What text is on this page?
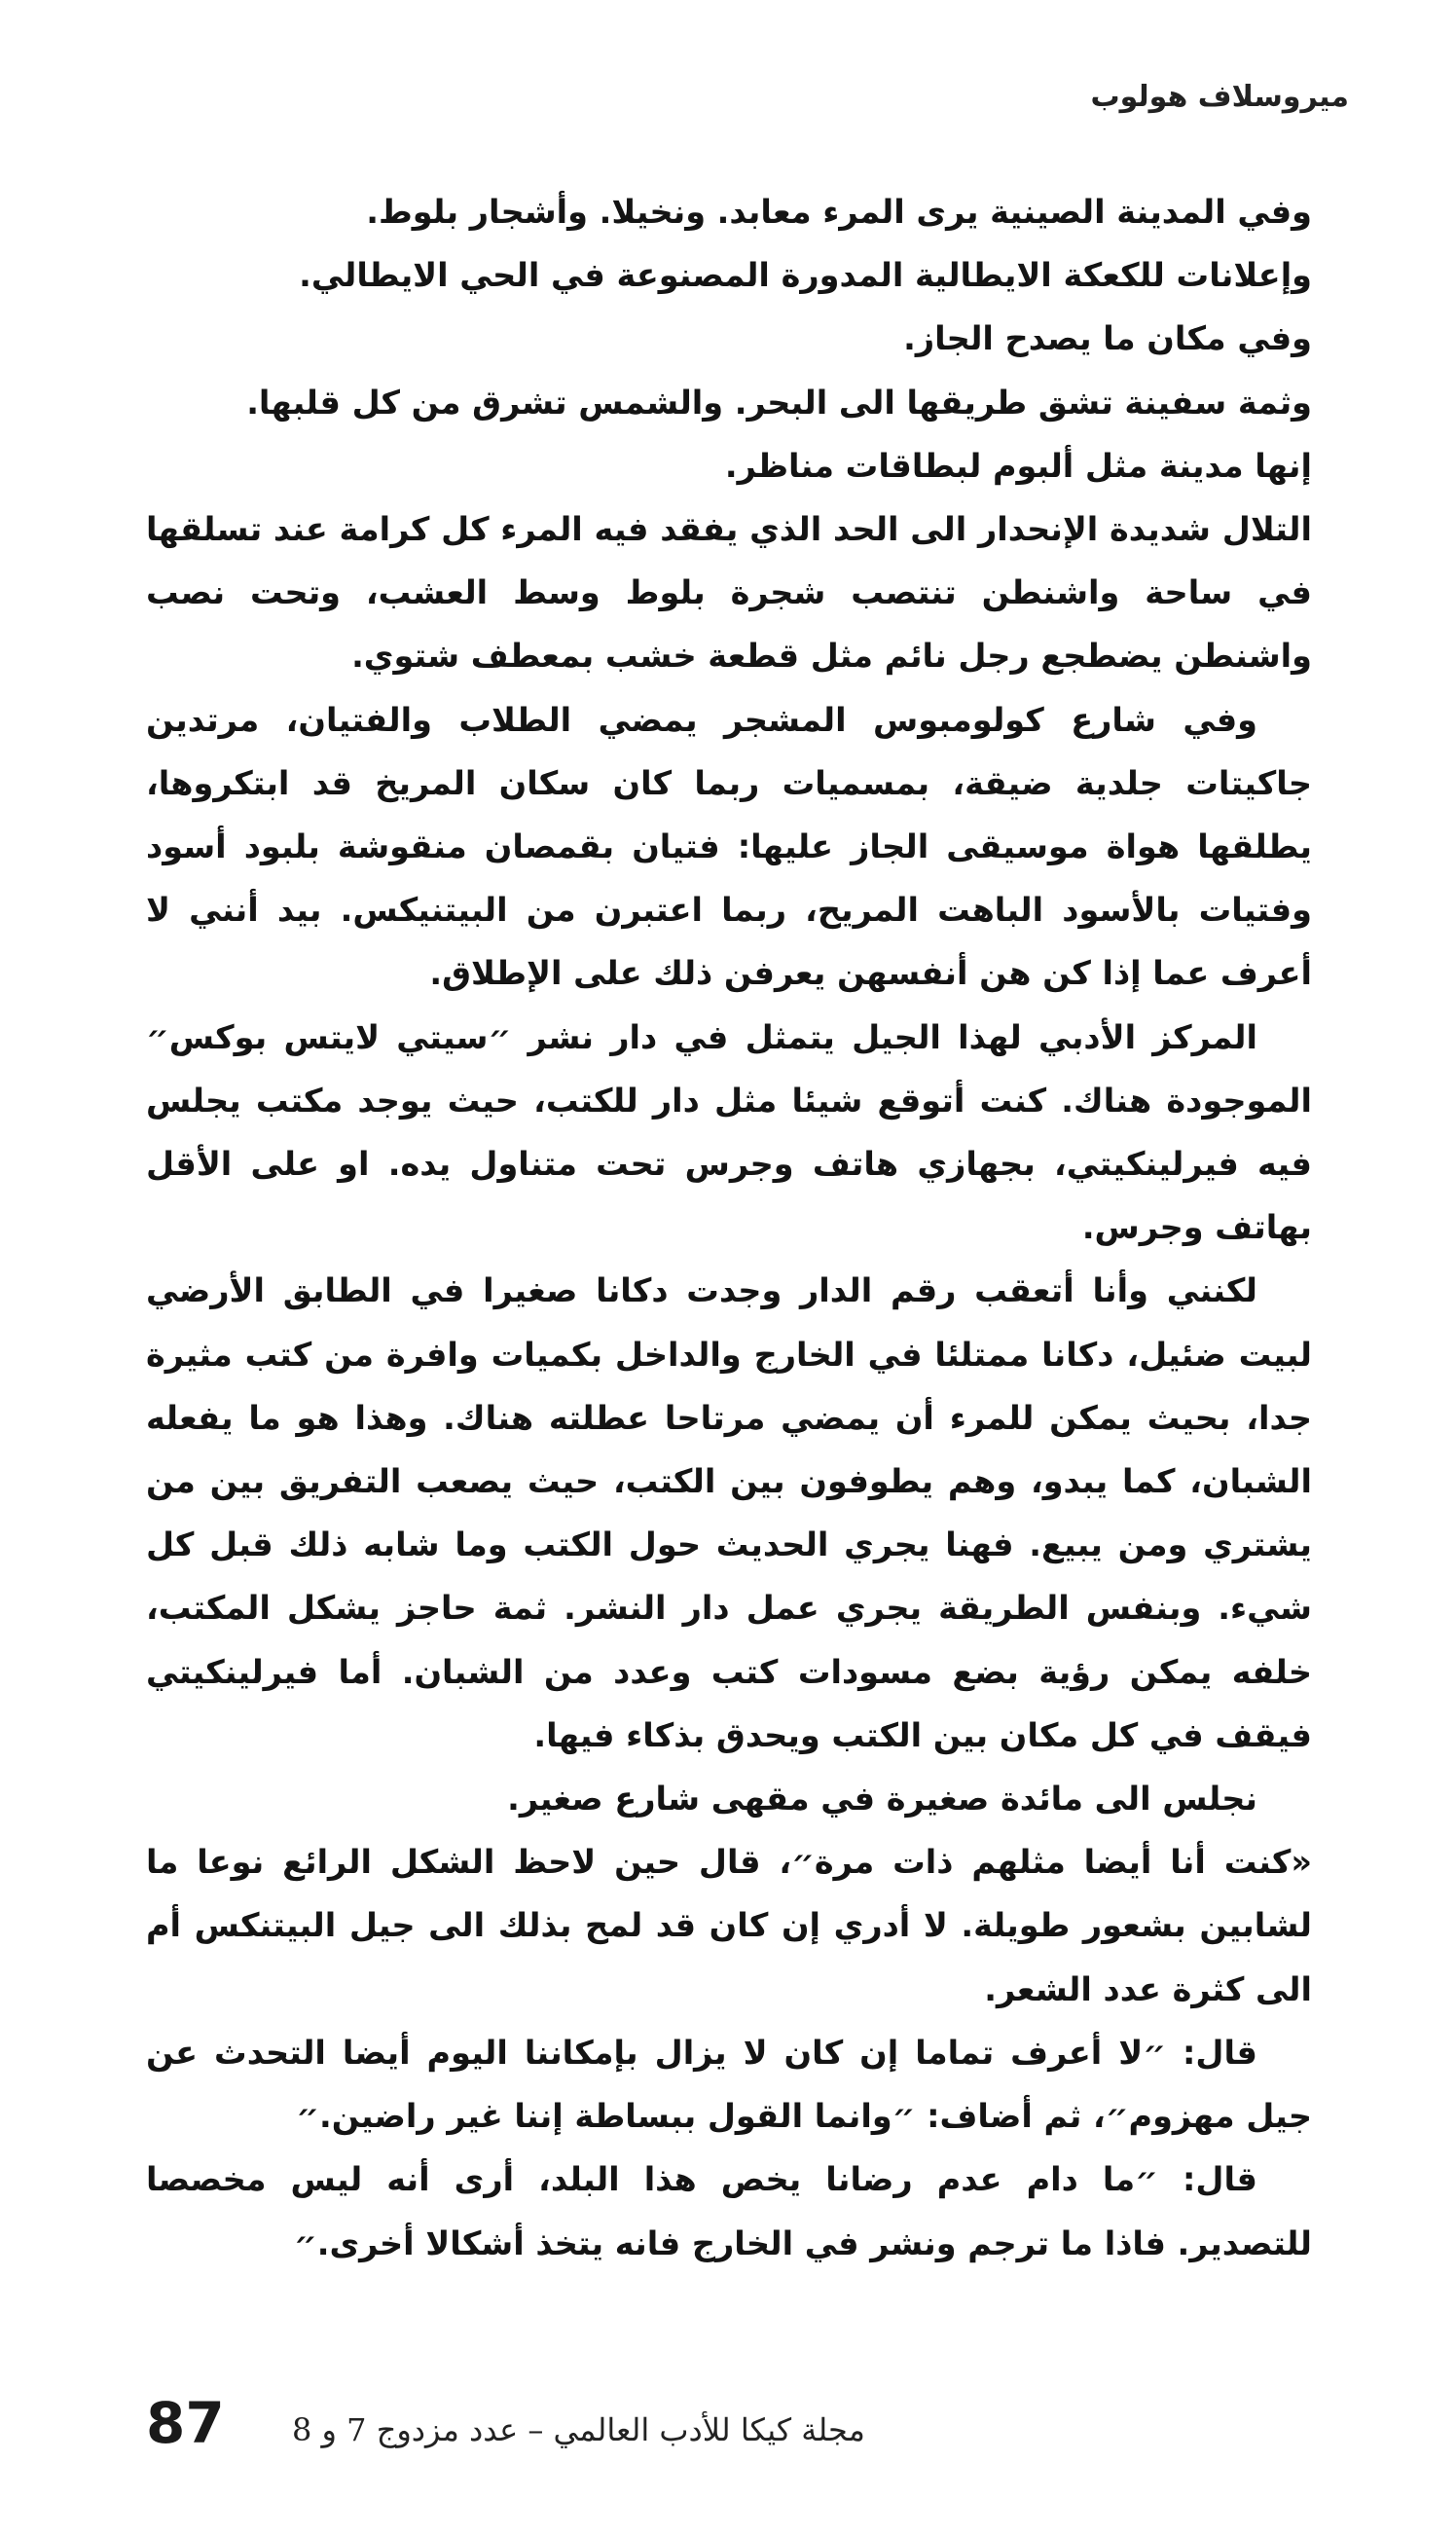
ميروسلاف هولوب

وفي المدينة الصينية يرى المرء معابد. ونخيلا. وأشجار بلوط.

وإعلانات للكعكة الايطالية المدورة المصنوعة في الحي الايطالي.

وفي مكان ما يصدح الجاز.

وثمة سفينة تشق طريقها الى البحر. والشمس تشرق من كل قلبها.

إنها مدينة مثل ألبوم لبطاقات مناظر.

التلال شديدة الإنحدار الى الحد الذي يفقد فيه المرء كل كرامة عند تسلقها في ساحة واشنطن تنتصب شجرة بلوط وسط العشب، وتحت نصب واشنطن يضطجع رجل نائم مثل قطعة خشب بمعطف شتوي.

وفي شارع كولومبوس المشجر يمضي الطلاب والفتيان، مرتدين جاكيتات جلدية ضيقة، بمسميات ربما كان سكان المريخ قد ابتكروها، يطلقها هواة موسيقى الجاز عليها: فتيان بقمصان منقوشة بلبود أسود وفتيات بالأسود الباهت المريح، ربما اعتبرن من البيتنيكس. بيد أنني لا أعرف عما إذا كن هن أنفسهن يعرفن ذلك على الإطلاق.

المركز الأدبي لهذا الجيل يتمثل في دار نشر ״سيتي لايتس بوكس״ الموجودة هناك. كنت أتوقع شيئا مثل دار للكتب، حيث يوجد مكتب يجلس فيه فيرلينكيتي، بجهازي هاتف وجرس تحت متناول يده. او على الأقل بهاتف وجرس.

لكنني وأنا أتعقب رقم الدار وجدت دكانا صغيرا في الطابق الأرضي لبيت ضئيل، دكانا ممتلئا في الخارج والداخل بكميات وافرة من كتب مثيرة جدا، بحيث يمكن للمرء أن يمضي مرتاحا عطلته هناك. وهذا هو ما يفعله الشبان، كما يبدو، وهم يطوفون بين الكتب، حيث يصعب التفريق بين من يشتري ومن يبيع. فهنا يجري الحديث حول الكتب وما شابه ذلك قبل كل شيء. وبنفس الطريقة يجري عمل دار النشر. ثمة حاجز يشكل المكتب، خلفه يمكن رؤية بضع مسودات كتب وعدد من الشبان. أما فيرلينكيتي فيقف في كل مكان بين الكتب ويحدق بذكاء فيها.

نجلس الى مائدة صغيرة في مقهى شارع صغير.

«كنت أنا أيضا مثلهم ذات مرة״، قال حين لاحظ الشكل الرائع نوعا ما لشابين بشعور طويلة. لا أدري إن كان قد لمح بذلك الى جيل البيتنكس أم الى كثرة عدد الشعر.

قال: ״لا أعرف تماما إن كان لا يزال بإمكاننا اليوم أيضا التحدث عن جيل مهزوم״، ثم أضاف: ״وانما القول ببساطة إننا غير راضين.״

قال: ״ما دام عدم رضانا يخص هذا البلد، أرى أنه ليس مخصصا للتصدير. فاذا ما ترجم ونشر في الخارج فانه يتخذ أشكالا أخرى.״

87 مجلة كيكا للأدب العالمي – عدد مزدوج 7 و 8
